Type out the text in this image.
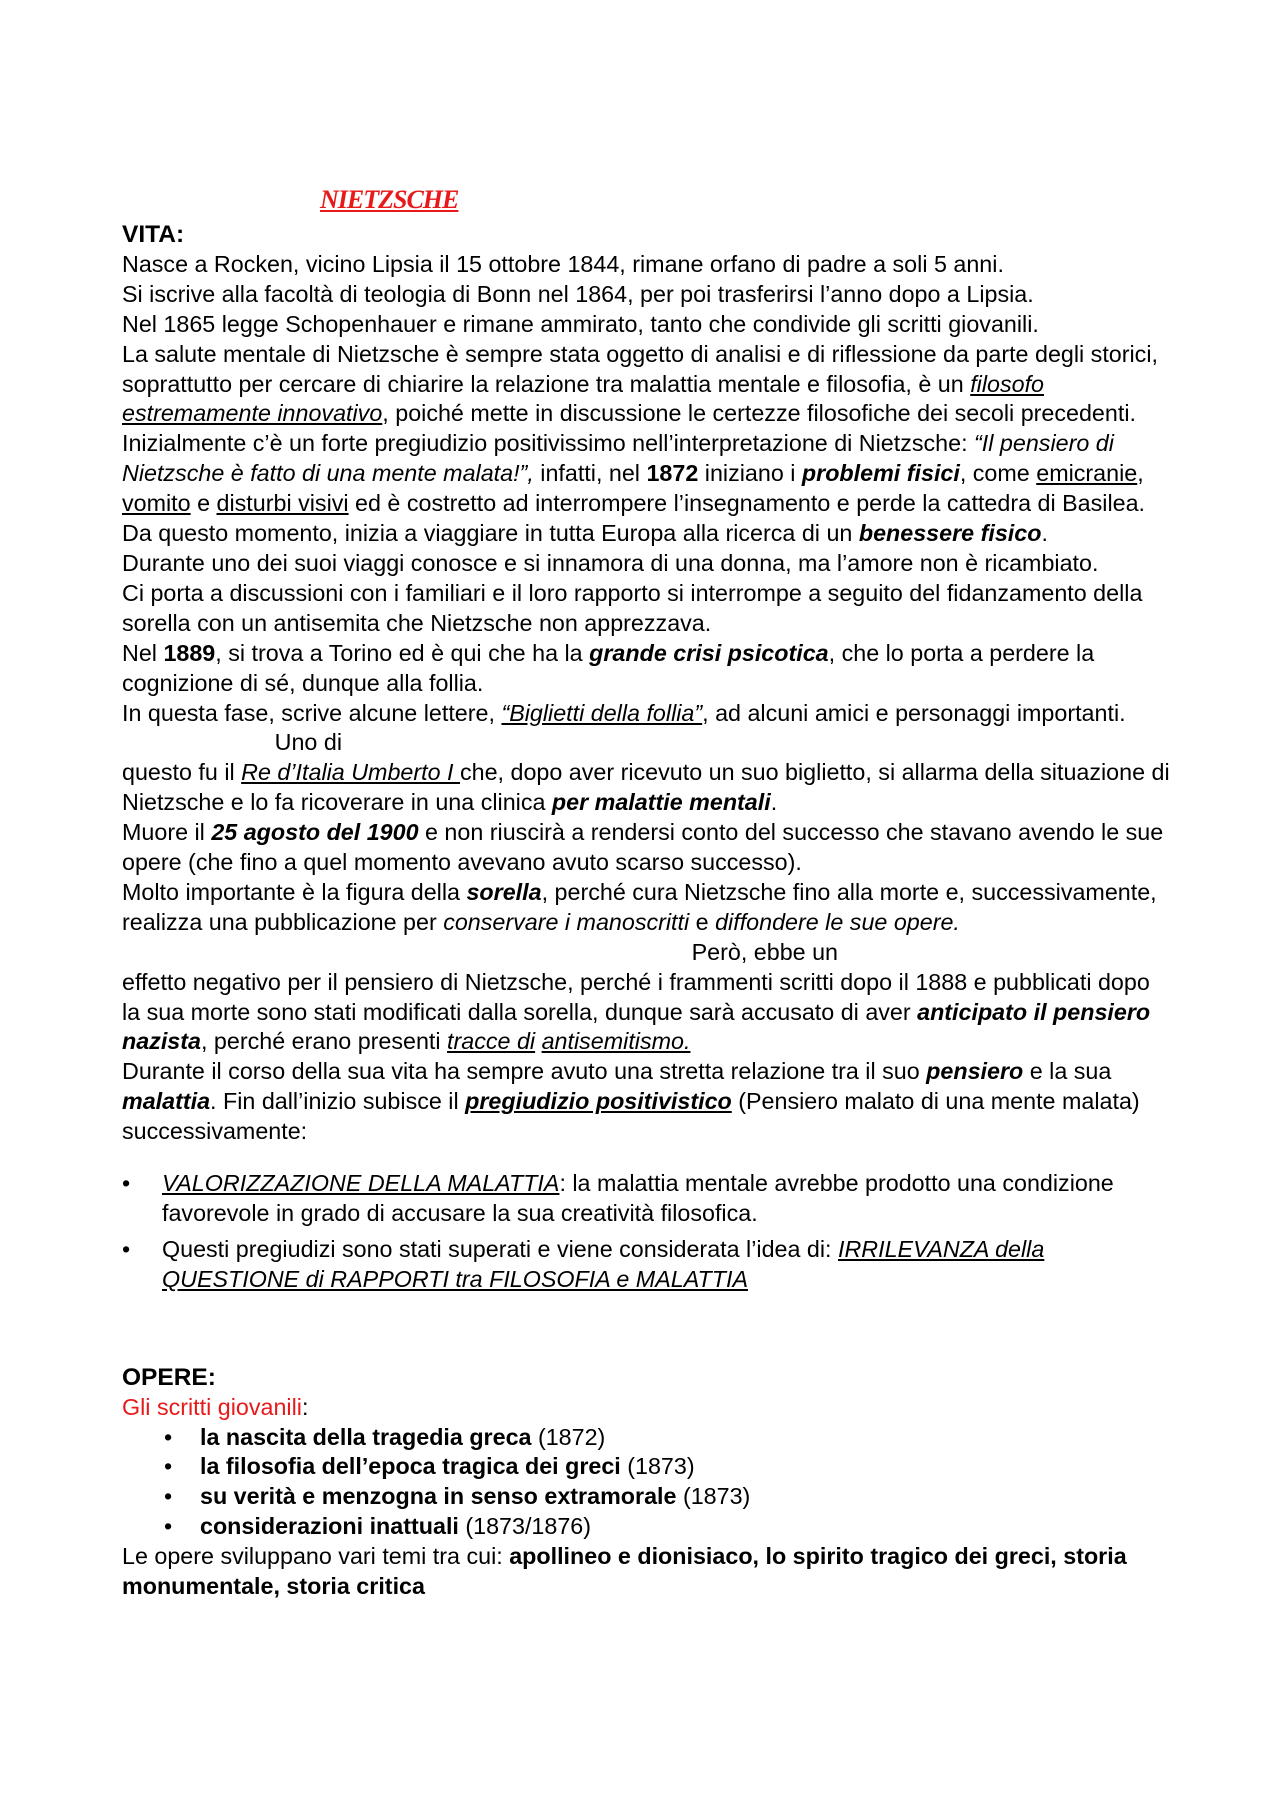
NIETZSCHE

VITA:

Nasce a Rocken, vicino Lipsia il 15 ottobre 1844, rimane orfano di padre a soli 5 anni.

Si iscrive alla facoltà di teologia di Bonn nel 1864, per poi trasferirsi l’anno dopo a Lipsia.

Nel 1865 legge Schopenhauer e rimane ammirato, tanto che condivide gli scritti giovanili.

La salute mentale di Nietzsche è sempre stata oggetto di analisi e di riflessione da parte degli storici, soprattutto per cercare di chiarire la relazione tra malattia mentale e filosofia, è un filosofo estremamente innovativo, poiché mette in discussione le certezze filosofiche dei secoli precedenti.

Inizialmente c’è un forte pregiudizio positivissimo nell’interpretazione di Nietzsche: “Il pensiero di Nietzsche è fatto di una mente malata!”, infatti, nel 1872 iniziano i problemi fisici, come emicranie, vomito e disturbi visivi ed è costretto ad interrompere l’insegnamento e perde la cattedra di Basilea.

Da questo momento, inizia a viaggiare in tutta Europa alla ricerca di un benessere fisico.

Durante uno dei suoi viaggi conosce e si innamora di una donna, ma l’amore non è ricambiato.

Ci porta a discussioni con i familiari e il loro rapporto si interrompe a seguito del fidanzamento della sorella con un antisemita che Nietzsche non apprezzava.

Nel 1889, si trova a Torino ed è qui che ha la grande crisi psicotica, che lo porta a perdere la cognizione di sé, dunque alla follia.

In questa fase, scrive alcune lettere, “Biglietti della follia”, ad alcuni amici e personaggi importanti.Uno di
questo fu il Re d’Italia Umberto I che, dopo aver ricevuto un suo biglietto, si allarma della situazione di Nietzsche e lo fa ricoverare in una clinica per malattie mentali.

Muore il 25 agosto del 1900 e non riuscirà a rendersi conto del successo che stavano avendo le sue opere (che fino a quel momento avevano avuto scarso successo).

Molto importante è la figura della sorella, perché cura Nietzsche fino alla morte e, successivamente, realizza una pubblicazione per conservare i manoscritti e diffondere le sue opere.Però, ebbe un
effetto negativo per il pensiero di Nietzsche, perché i frammenti scritti dopo il 1888 e pubblicati dopo la sua morte sono stati modificati dalla sorella, dunque sarà accusato di aver anticipato il pensiero nazista, perché erano presenti tracce di antisemitismo.

Durante il corso della sua vita ha sempre avuto una stretta relazione tra il suo pensiero e la sua malattia. Fin dall’inizio subisce il pregiudizio positivistico (Pensiero malato di una mente malata) successivamente:

• VALORIZZAZIONE DELLA MALATTIA: la malattia mentale avrebbe prodotto una condizione favorevole in grado di accusare la sua creatività filosofica.
• Questi pregiudizi sono stati superati e viene considerata l’idea di: IRRILEVANZA della QUESTIONE di RAPPORTI tra FILOSOFIA e MALATTIA

OPERE:

Gli scritti giovanili:

• la nascita della tragedia greca (1872)
• la filosofia dell’epoca tragica dei greci (1873)
• su verità e menzogna in senso extramorale (1873)
• considerazioni inattuali (1873/1876)

Le opere sviluppano vari temi tra cui: apollineo e dionisiaco, lo spirito tragico dei greci, storia monumentale, storia critica
